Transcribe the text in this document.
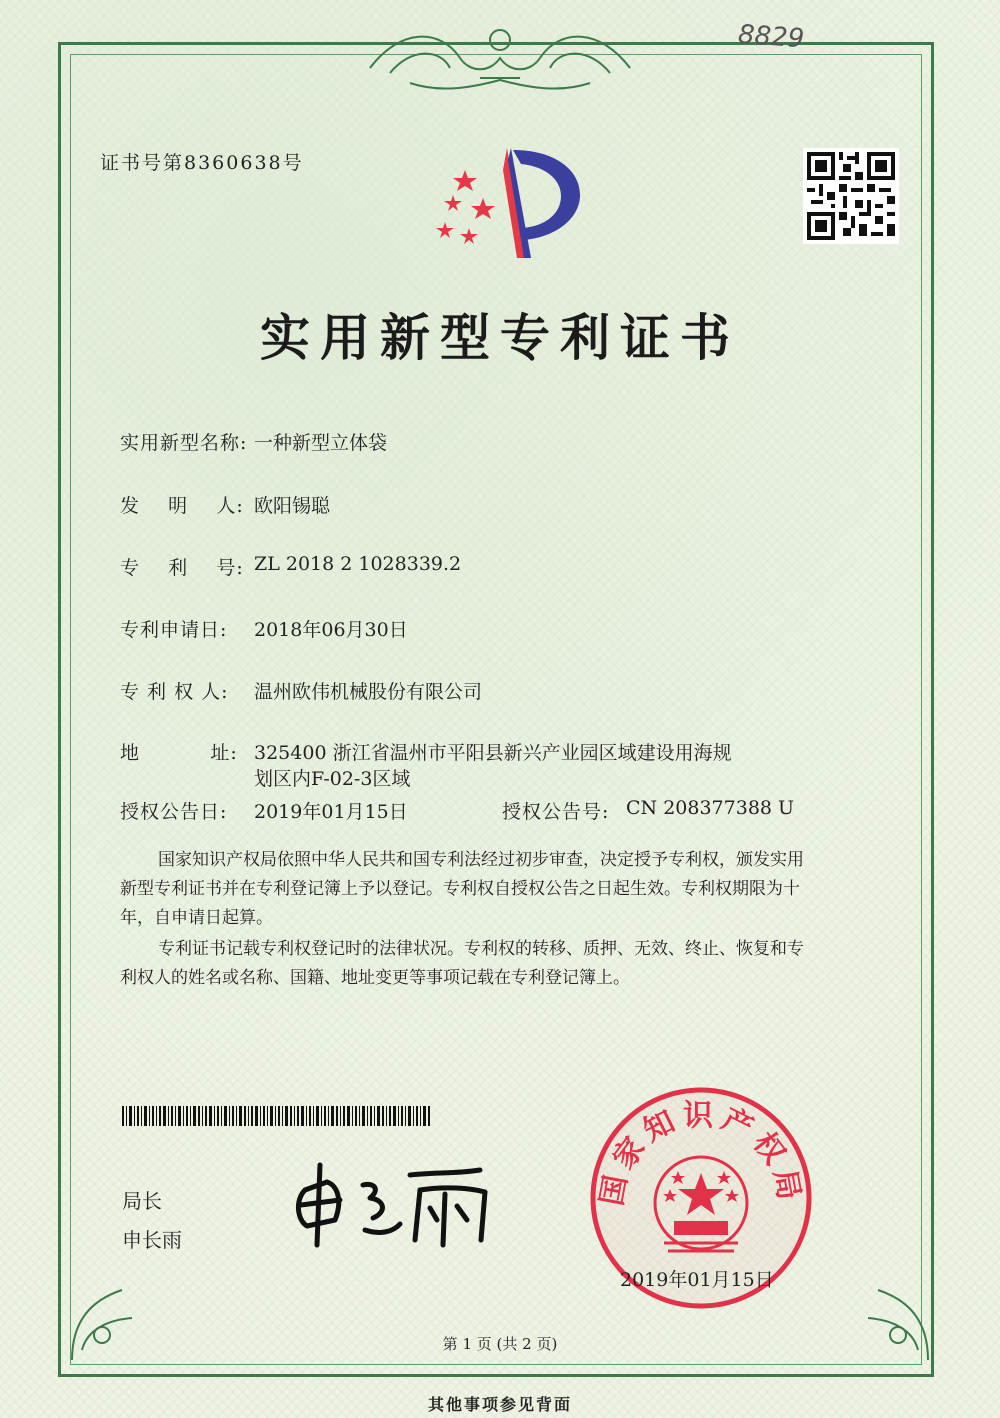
8829
证书号第8360638号
实用新型专利证书
实用新型名称: 一种新型立体袋
发    明    人: 欧阳锡聪
专    利    号: ZL 2018 2 1028339.2
专利申请日: 2018年06月30日
专 利 权 人: 温州欧伟机械股份有限公司
地          址: 325400 浙江省温州市平阳县新兴产业园区域建设用海规
划区内F-02-3区域
授权公告日: 2019年01月15日	授权公告号: CN 208377388 U
国家知识产权局依照中华人民共和国专利法经过初步审查，决定授予专利权，颁发实用
新型专利证书并在专利登记簿上予以登记。专利权自授权公告之日起生效。专利权期限为十
年，自申请日起算。
专利证书记载专利权登记时的法律状况。专利权的转移、质押、无效、终止、恢复和专
利权人的姓名或名称、国籍、地址变更等事项记载在专利登记簿上。
局长
申长雨
国家知识产权局
2019年01月15日
第 1 页 (共 2 页)
其他事项参见背面
